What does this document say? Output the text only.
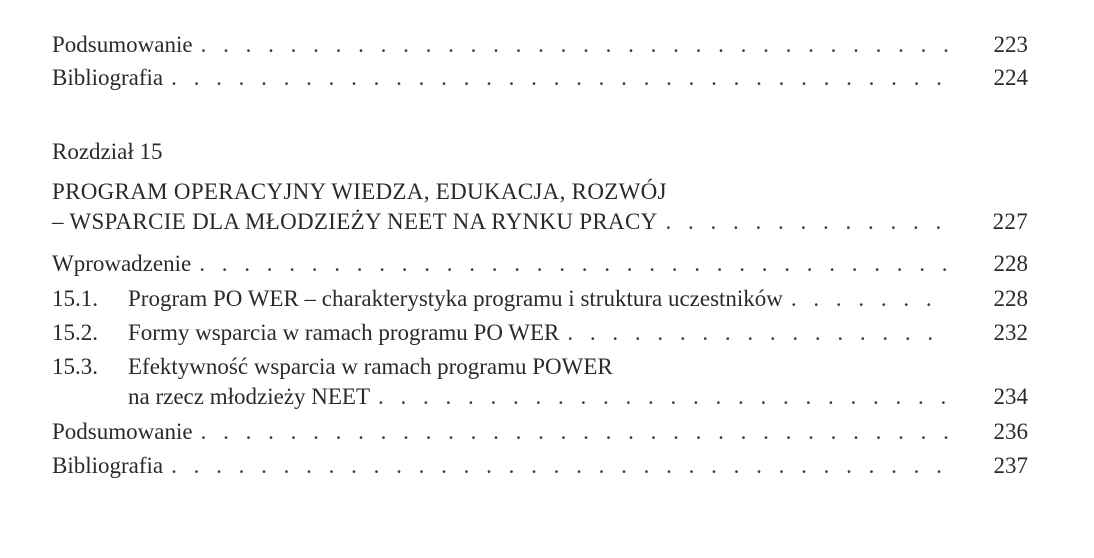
Podsumowanie . . .	223
Bibliografia . . .	224
Rozdział 15
PROGRAM OPERACYJNY WIEDZA, EDUKACJA, ROZWÓJ
– WSPARCIE DLA MŁODZIEŻY NEET NA RYNKU PRACY . . .	227
Wprowadzenie . . .	228
15.1.	Program PO WER – charakterystyka programu i struktura uczestników . . .	228
15.2.	Formy wsparcia w ramach programu PO WER . . .	232
15.3. Efektywność wsparcia w ramach programu POWER
na rzecz młodzieży NEET . . .	234
Podsumowanie . . .	236
Bibliografia . . .	237
